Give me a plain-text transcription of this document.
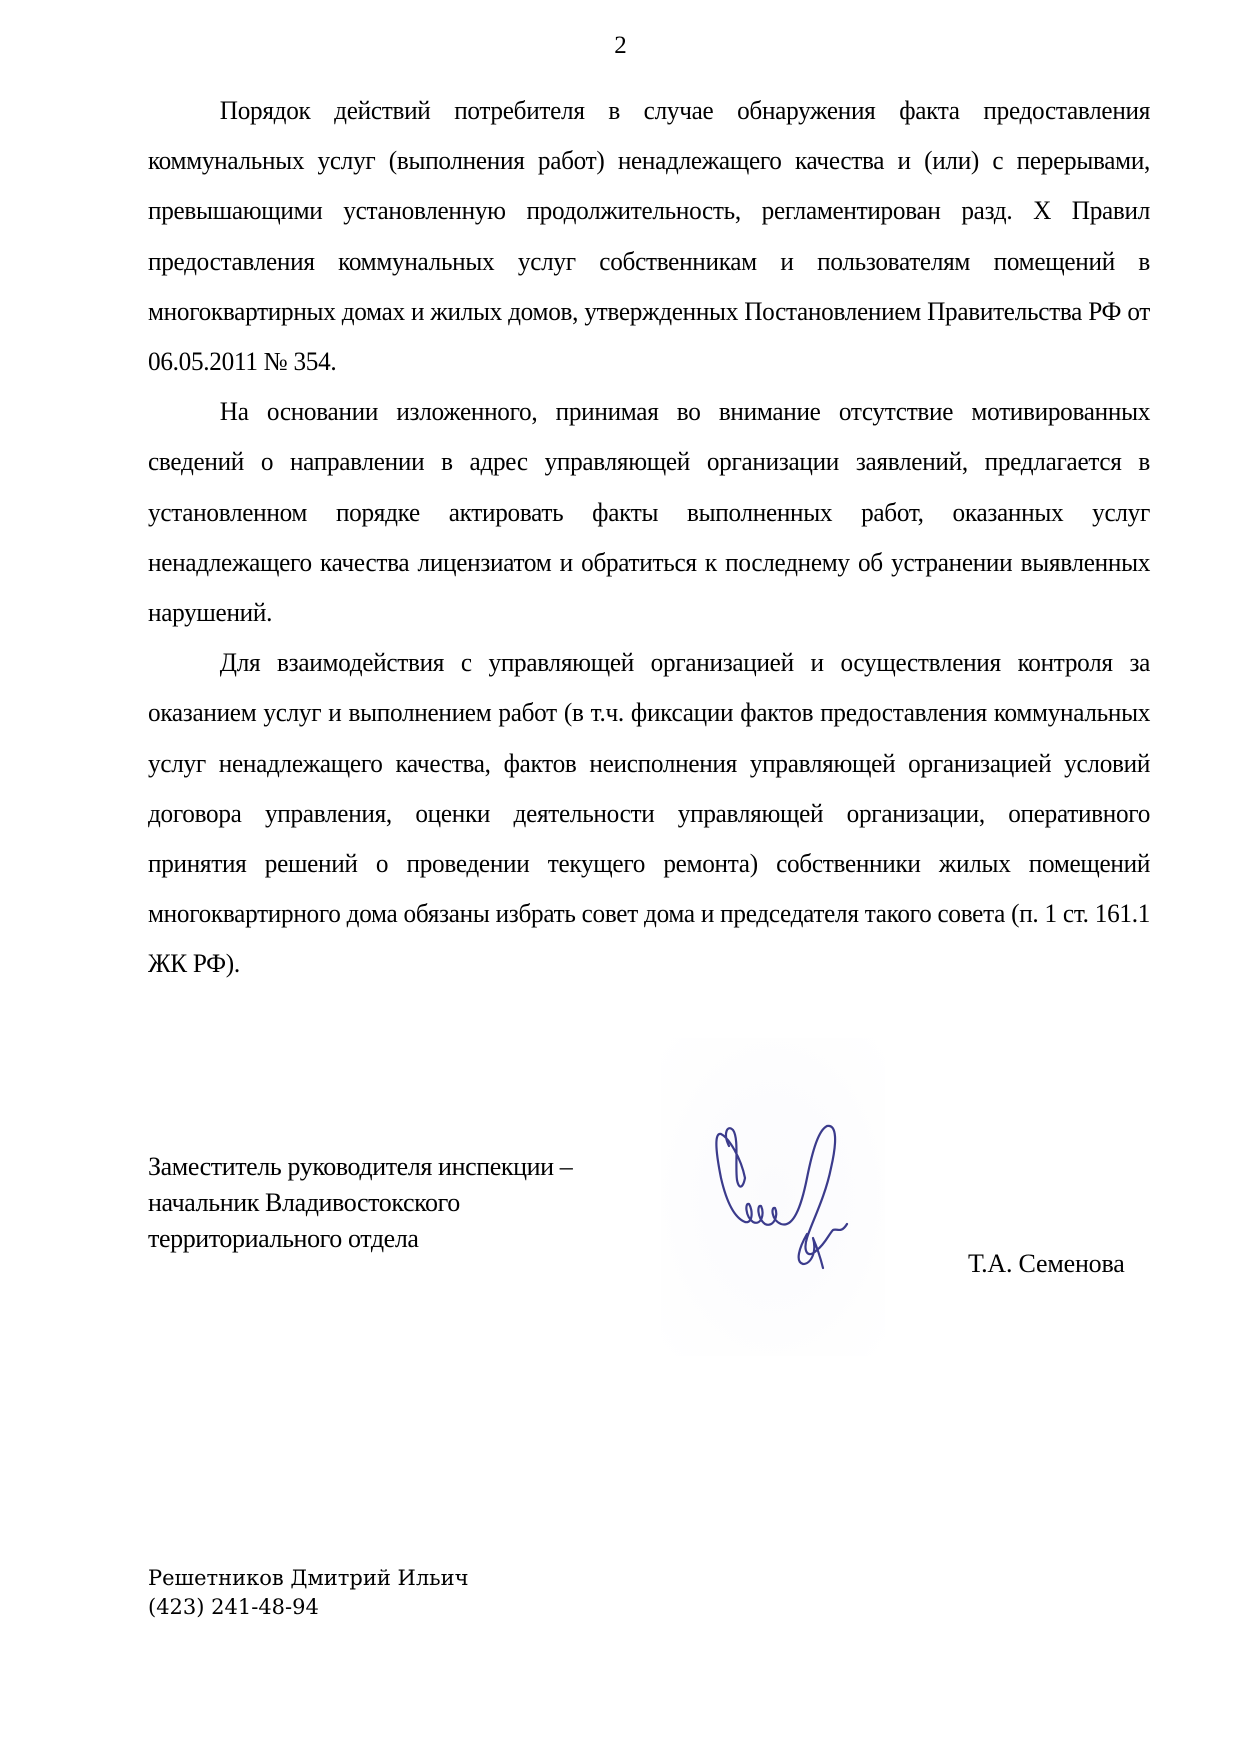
2

Порядок действий потребителя в случае обнаружения факта предоставления коммунальных услуг (выполнения работ) ненадлежащего качества и (или) с перерывами, превышающими установленную продолжительность, регламентирован разд. X Правил предоставления коммунальных услуг собственникам и пользователям помещений в многоквартирных домах и жилых домов, утвержденных Постановлением Правительства РФ от 06.05.2011 № 354.

На основании изложенного, принимая во внимание отсутствие мотивированных сведений о направлении в адрес управляющей организации заявлений, предлагается в установленном порядке актировать факты выполненных работ, оказанных услуг ненадлежащего качества лицензиатом и обратиться к последнему об устранении выявленных нарушений.

Для взаимодействия с управляющей организацией и осуществления контроля за оказанием услуг и выполнением работ (в т.ч. фиксации фактов предоставления коммунальных услуг ненадлежащего качества, фактов неисполнения управляющей организацией условий договора управления, оценки деятельности управляющей организации, оперативного принятия решений о проведении текущего ремонта) собственники жилых помещений многоквартирного дома обязаны избрать совет дома и председателя такого совета (п. 1 ст. 161.1 ЖК РФ).

Заместитель руководителя инспекции –
начальник Владивостокского
территориального отдела
Т.А. Семенова
Решетников Дмитрий Ильич
(423) 241-48-94
